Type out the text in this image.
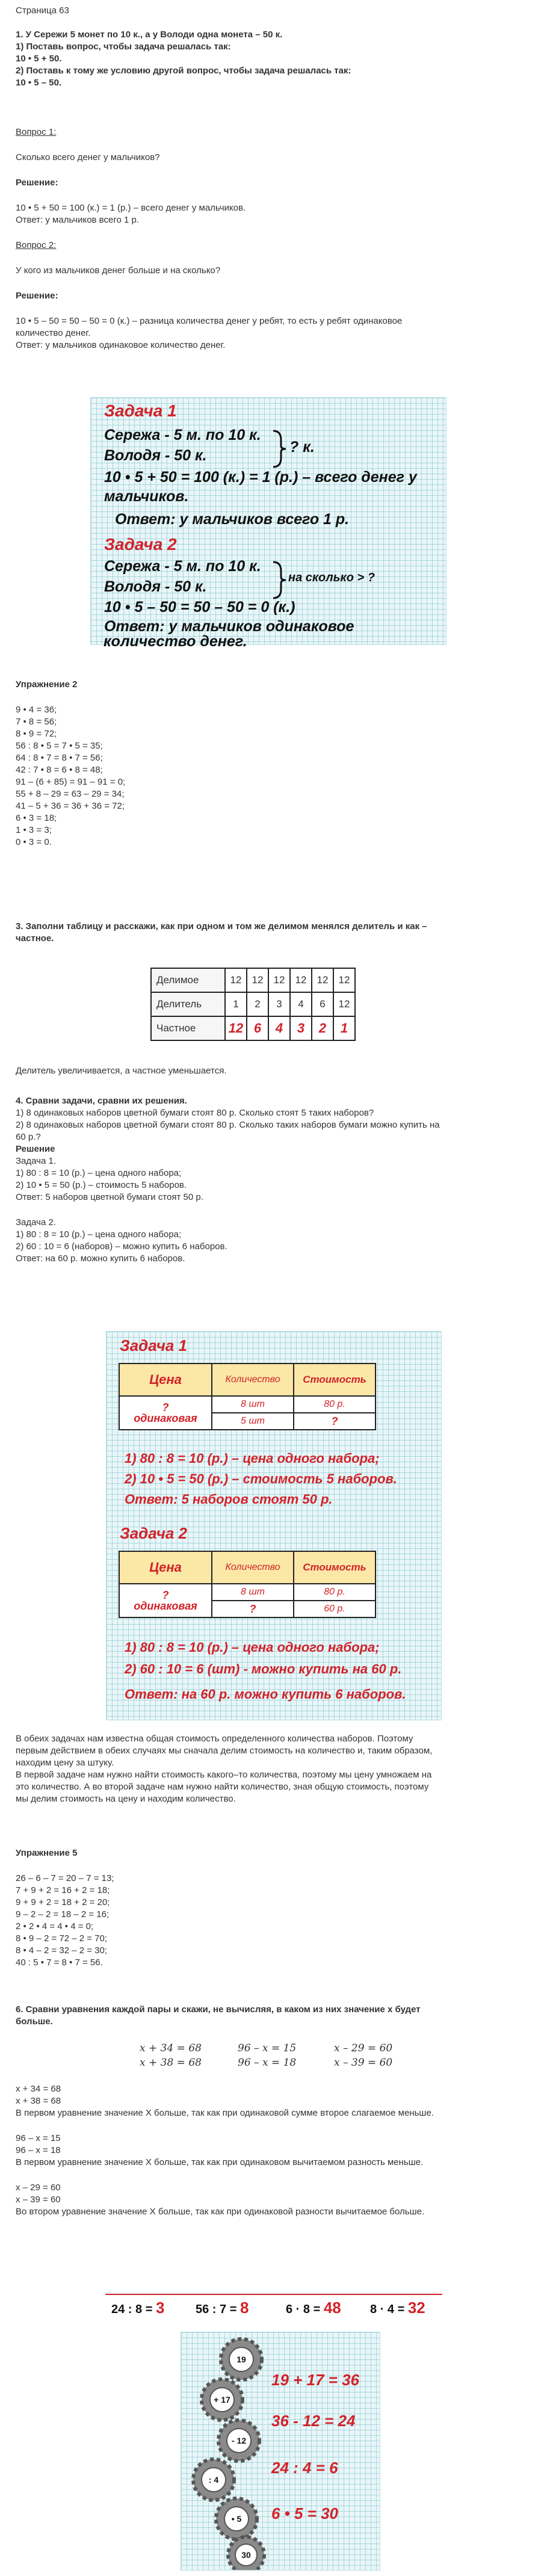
Страница 63
1. У Сережи 5 монет по 10 к., а у Володи одна монета – 50 к.
1) Поставь вопрос, чтобы задача решалась так:
10 • 5 + 50.
2) Поставь к тому же условию другой вопрос, чтобы задача решалась так:
10 • 5 – 50.
Вопрос 1:
Сколько всего денег у мальчиков?
Решение:
10 • 5 + 50 = 100 (к.) = 1 (р.) – всего денег у мальчиков.
Ответ: у мальчиков всего 1 р.
Вопрос 2:
У кого из мальчиков денег больше и на сколько?
Решение:
10 • 5 – 50 = 50 – 50 = 0 (к.) – разница количества денег у ребят, то есть у ребят одинаковое
количество денег.
Ответ: у мальчиков одинаковое количество денег.
Задача 1
Сережа - 5 м. по 10 к.
Володя - 50 к.	? к.
10 • 5 + 50 = 100 (к.) = 1 (р.) – всего денег у
мальчиков.
Ответ: у мальчиков всего 1 р.
Задача 2
Сережа - 5 м. по 10 к.
Володя - 50 к.
на сколько > ?
10 • 5 – 50 = 50 – 50 = 0 (к.)
Ответ: у мальчиков одинаковое
количество денег.
Упражнение 2
9 • 4 = 36;
7 • 8 = 56;
8 • 9 = 72;
56 : 8 • 5 = 7 • 5 = 35;
64 : 8 • 7 = 8 • 7 = 56;
42 : 7 • 8 = 6 • 8 = 48;
91 – (6 + 85) = 91 – 91 = 0;
55 + 8 – 29 = 63 – 29 = 34;
41 – 5 + 36 = 36 + 36 = 72;
6 • 3 = 18;
1 • 3 = 3;
0 • 3 = 0.
3. Заполни таблицу и расскажи, как при одном и том же делимом менялся делитель и как –
частное.
Делимое	12	12	12	12	12	12
Делитель	1	2	3	4	6	12
Частное	12	6	4	3	2	1
Делитель увеличивается, а частное уменьшается.
4. Сравни задачи, сравни их решения.
1) 8 одинаковых наборов цветной бумаги стоят 80 р. Сколько стоят 5 таких наборов?
2) 8 одинаковых наборов цветной бумаги стоят 80 р. Сколько таких наборов бумаги можно купить на
60 р.?
Решение
Задача 1.
1) 80 : 8 = 10 (р.) – цена одного набора;
2) 10 • 5 = 50 (р.) – стоимость 5 наборов.
Ответ: 5 наборов цветной бумаги стоят 50 р.
Задача 2.
1) 80 : 8 = 10 (р.) – цена одного набора;
2) 60 : 10 = 6 (наборов) – можно купить 6 наборов.
Ответ: на 60 р. можно купить 6 наборов.
Задача 1
Цена	Количество	Стоимость

?
одинаковая	8 шт	80 р.
	5 шт	?
1) 80 : 8 = 10 (р.) – цена одного набора;
2) 10 • 5 = 50 (р.) – стоимость 5 наборов.
Ответ: 5 наборов стоят 50 р.
Задача 2
Цена	Количество	Стоимость

?
одинаковая	8 шт	80 р.
	?	60 р.
1) 80 : 8 = 10 (р.) – цена одного набора;
2) 60 : 10 = 6 (шт) - можно купить на 60 р.
Ответ: на 60 р. можно купить 6 наборов.
В обеих задачах нам известна общая стоимость определенного количества наборов. Поэтому
первым действием в обеих случаях мы сначала делим стоимость на количество и, таким образом,
находим цену за штуку.
В первой задаче нам нужно найти стоимость какого–то количества, поэтому мы цену умножаем на
это количество. А во второй задаче нам нужно найти количество, зная общую стоимость, поэтому
мы делим стоимость на цену и находим количество.
Упражнение 5
26 – 6 – 7 = 20 – 7 = 13;
7 + 9 + 2 = 16 + 2 = 18;
9 + 9 + 2 = 18 + 2 = 20;
9 – 2 – 2 = 18 – 2 = 16;
2 • 2 • 4 = 4 • 4 = 0;
8 • 9 – 2 = 72 – 2 = 70;
8 • 4 – 2 = 32 – 2 = 30;
40 : 5 • 7 = 8 • 7 = 56.
6. Сравни уравнения каждой пары и скажи, не вычисляя, в каком из них значение х будет
больше.
x + 34 = 68
x + 38 = 68
96 – x = 15
96 – x = 18
x – 29 = 60
x – 39 = 60
x + 34 = 68
x + 38 = 68
В первом уравнение значение Х больше, так как при одинаковой сумме второе слагаемое меньше.
96 – x = 15
96 – x = 18
В первом уравнение значение Х больше, так как при одинаковом вычитаемом разность меньше.
x – 29 = 60
x – 39 = 60
Во втором уравнение значение Х больше, так как при одинаковой разности вычитаемое больше.
24 : 8 = 3	56 : 7 = 8	6 · 8 = 48 8 · 4 = 32
19
+ 17
- 12
: 4
• 5
30
19 + 17 = 36
36 - 12 = 24
24 : 4 = 6
6 • 5 = 30
